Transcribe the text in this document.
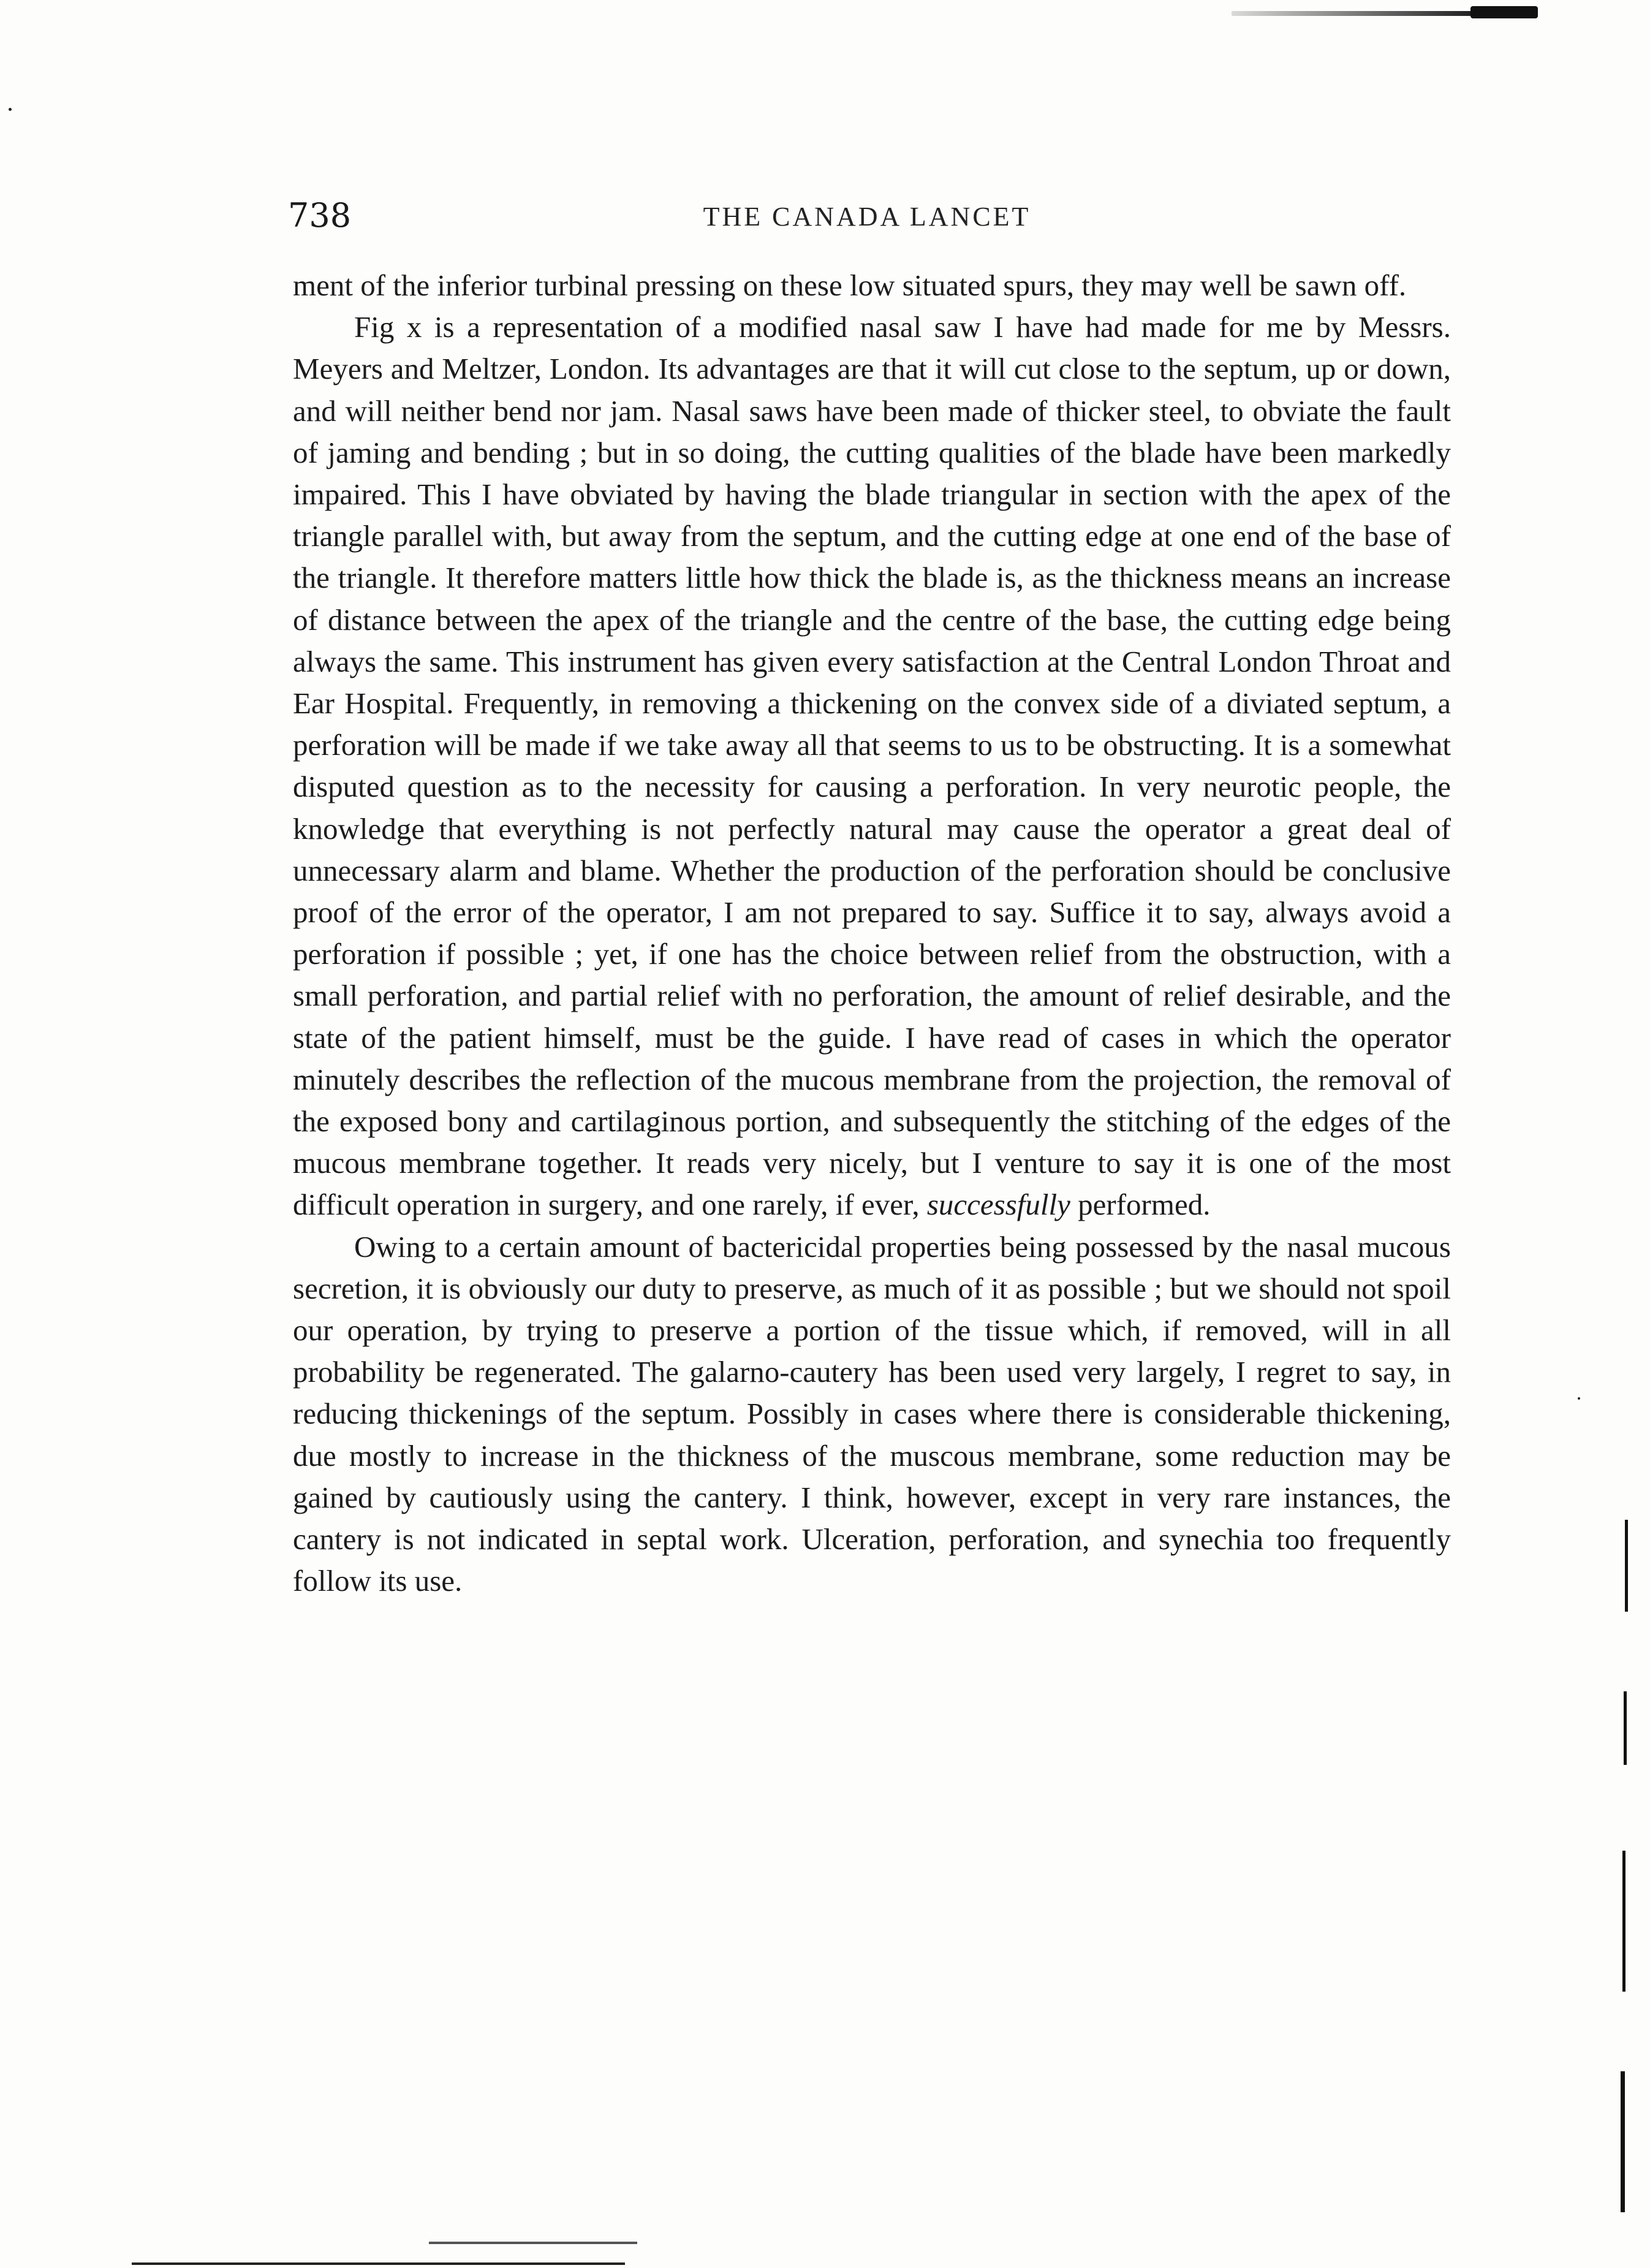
738	THE CANADA LANCET

ment of the inferior turbinal pressing on these low situated spurs, they may well be sawn off.

Fig x is a representation of a modified nasal saw I have had made for me by Messrs. Meyers and Meltzer, London. Its advantages are that it will cut close to the septum, up or down, and will neither bend nor jam. Nasal saws have been made of thicker steel, to obviate the fault of jaming and bending ; but in so doing, the cutting qualities of the blade have been markedly impaired. This I have obviated by having the blade triangular in section with the apex of the triangle parallel with, but away from the septum, and the cutting edge at one end of the base of the triangle. It therefore matters little how thick the blade is, as the thickness means an increase of distance between the apex of the triangle and the centre of the base, the cutting edge being always the same. This instrument has given every satisfaction at the Central London Throat and Ear Hospital. Frequently, in removing a thickening on the convex side of a diviated septum, a perforation will be made if we take away all that seems to us to be obstructing. It is a somewhat disputed question as to the necessity for causing a perforation. In very neurotic people, the knowledge that everything is not perfectly natural may cause the operator a great deal of unnecessary alarm and blame. Whether the production of the perforation should be conclusive proof of the error of the operator, I am not prepared to say. Suffice it to say, always avoid a perforation if possible ; yet, if one has the choice between relief from the obstruction, with a small perforation, and partial relief with no perforation, the amount of relief desirable, and the state of the patient himself, must be the guide. I have read of cases in which the operator minutely describes the reflection of the mucous membrane from the projection, the removal of the exposed bony and cartilaginous portion, and subsequently the stitching of the edges of the mucous membrane together. It reads very nicely, but I venture to say it is one of the most difficult operation in surgery, and one rarely, if ever, successfully performed.

Owing to a certain amount of bactericidal properties being possessed by the nasal mucous secretion, it is obviously our duty to preserve, as much of it as possible ; but we should not spoil our operation, by trying to preserve a portion of the tissue which, if removed, will in all probability be regenerated. The galarno-cautery has been used very largely, I regret to say, in reducing thickenings of the septum. Possibly in cases where there is considerable thickening, due mostly to increase in the thickness of the muscous membrane, some reduction may be gained by cautiously using the cantery. I think, however, except in very rare instances, the cantery is not indicated in septal work. Ulceration, perforation, and synechia too frequently follow its use.
